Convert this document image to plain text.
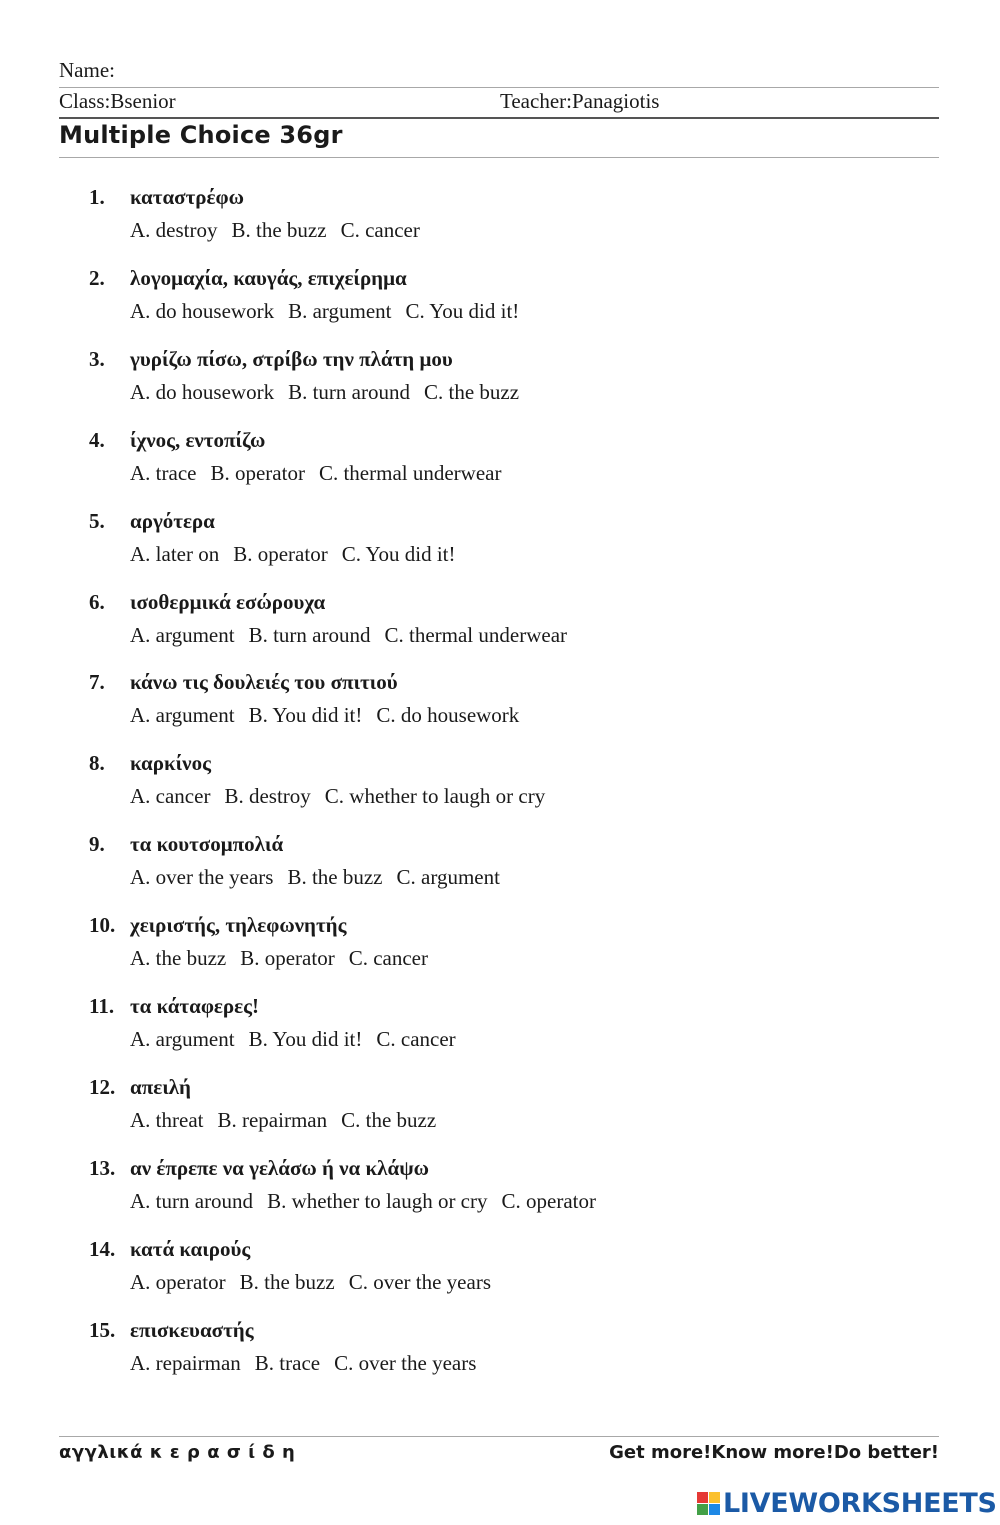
Name:
Class:Bsenior	Teacher:Panagiotis
Multiple Choice 36gr
1.	καταστρέφω
A. destroy B. the buzz C. cancer
2.	λογομαχία, καυγάς, επιχείρημα
A. do housework B. argument C. You did it!
3.	γυρίζω πίσω, στρίβω την πλάτη μου
A. do housework B. turn around C. the buzz
4.	ίχνος, εντοπίζω
A. trace B. operator C. thermal underwear
5.	αργότερα
A. later on B. operator C. You did it!
6.	ισοθερμικά εσώρουχα
A. argument B. turn around C. thermal underwear
7.	κάνω τις δουλειές του σπιτιού
A. argument B. You did it! C. do housework
8.	καρκίνος
A. cancer B. destroy C. whether to laugh or cry
9.	τα κουτσομπολιά
A. over the years B. the buzz C. argument
10. χειριστής, τηλεφωνητής
A. the buzz B. operator C. cancer
11. τα κάταφερες!
A. argument B. You did it! C. cancer
12. απειλή
A. threat B. repairman C. the buzz
13. αν έπρεπε να γελάσω ή να κλάψω
A. turn around B. whether to laugh or cry C. operator
14. κατά καιρούς
A. operator B. the buzz C. over the years
15. επισκευαστής
A. repairman B. trace C. over the years
αγγλικά κ ε ρ α σ ί δ η	Get more!Know more!Do better!
LIVEWORKSHEETS
